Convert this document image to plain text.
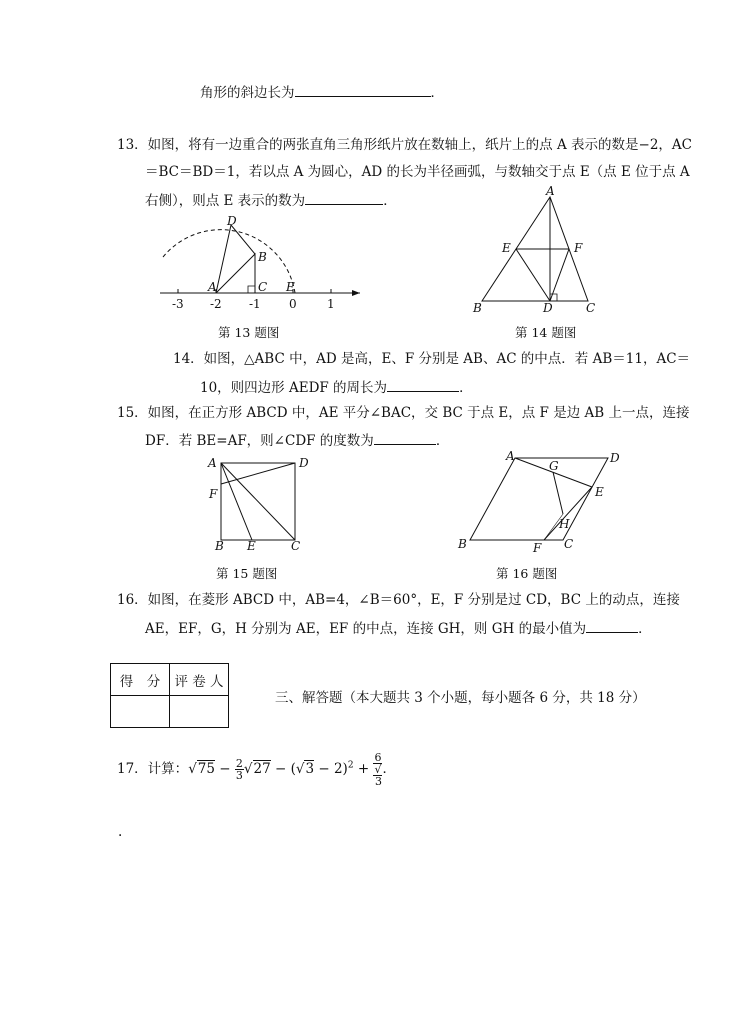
角形的斜边长为	．
13．如图，将有一边重合的两张直角三角形纸片放在数轴上，纸片上的点 A 表示的数是−2，AC
＝BC＝BD＝1，若以点 A 为圆心，AD 的长为半径画弧，与数轴交于点 E（点 E 位于点 A
右侧），则点 E 表示的数为	．
D
B
A	C E
-3 -2 -1 0	1
第 13 题图
A
E	F
B	D	C
第 14 题图
14．如图，△ABC 中，AD 是高，E、F 分别是 AB、AC 的中点．若 AB＝11，AC＝
10，则四边形 AEDF 的周长为	．
15．如图，在正方形 ABCD 中，AE 平分∠BAC，交 BC 于点 E，点 F 是边 AB 上一点，连接
DF．若 BE=AF，则∠CDF 的度数为	．
A	D
F
B E	C
第 15 题图
A
G
D
E
H
B	F C
第 16 题图
16．如图，在菱形 ABCD 中，AB=4，∠B＝60°，E，F 分别是过 CD，BC 上的动点，连接
AE，EF，G，H 分别为 AE，EF 的中点，连接 GH，则 GH 的最小值为	．
得　分	评 卷 人

三、解答题（本大题共 3 个小题，每小题各 6 分，共 18 分）
17．计算：$√75 - \frac{2}{3} √27 - (√3 - 2)^2 + 6$
√
3 ．
.
